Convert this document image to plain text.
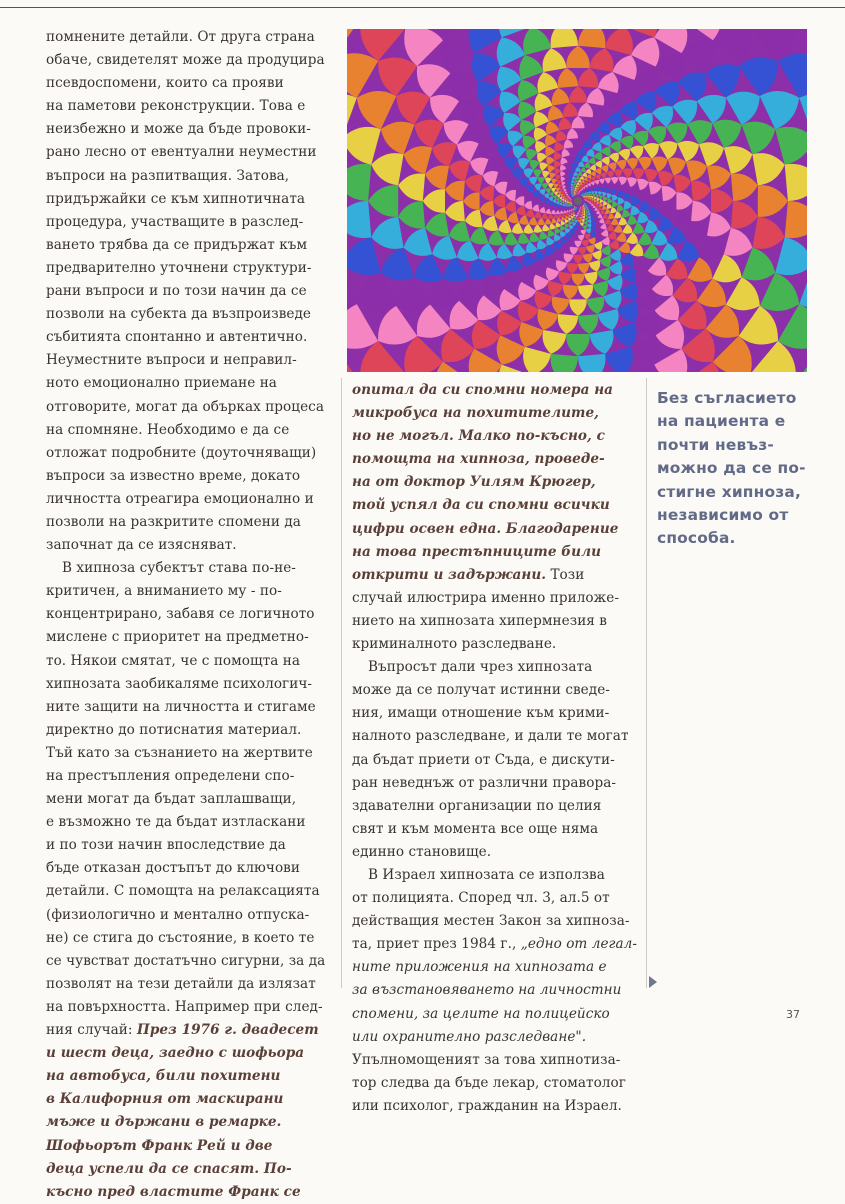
помнените детайли. От друга страна
обаче, свидетелят може да продуцира
псевдоспомени, които са прояви
на паметови реконструкции. Това е
неизбежно и може да бъде провоки-
рано лесно от евентуални неуместни
въпроси на разпитващия. Затова,
придържайки се към хипнотичната
процедура, участващите в разслед-
ването трябва да се придържат към
предварително уточнени структури-
рани въпроси и по този начин да се
позволи на субекта да възпроизведе
събитията спонтанно и автентично.
Неуместните въпроси и неправил-
ното емоционално приемане на
отговорите, могат да обърках процеса
на спомняне. Необходимо е да се
отложат подробните (доуточняващи)
въпроси за известно време, докато
личността отреагира емоционално и
позволи на разкритите спомени да
започнат да се изясняват.
В хипноза субектът става по-не-
критичен, а вниманието му - по-
концентрирано, забавя се логичното
мислене с приоритет на предметно-
то. Някои смятат, че с помощта на
хипнозата заобикаляме психологич-
ните защити на личността и стигаме
директно до потиснатия материал.
Тъй като за съзнанието на жертвите
на престъпления определени спо-
мени могат да бъдат заплашващи,
е възможно те да бъдат изтласкани
и по този начин впоследствие да
бъде отказан достъпът до ключови
детайли. С помощта на релаксацията
(физиологично и ментално отпуска-
не) се стига до състояние, в което те
се чувстват достатъчно сигурни, за да
позволят на тези детайли да излязат
на повърхността. Например при след-
ния случай: През 1976 г. двадесет
и шест деца, заедно с шофьора
на автобуса, били похитени
в Калифорния от маскирани
мъже и държани в ремарке.
Шофьорът Франк Рей и две
деца успели да се спасят. По-
късно пред властите Франк се
опитал да си спомни номера на
микробуса на похитителите,
но не могъл. Малко по-късно, с
помощта на хипноза, проведе-
на от доктор Уилям Крюгер,
той успял да си спомни всички
цифри освен една. Благодарение
на това престъпниците били
открити и задържани. Този
случай илюстрира именно приложе-
нието на хипнозата хипермнезия в
криминалното разследване.
Въпросът дали чрез хипнозата
може да се получат истинни сведе-
ния, имащи отношение към крими-
налното разследване, и дали те могат
да бъдат приети от Съда, е дискути-
ран неведнъж от различни правора-
здавателни организации по целия
свят и към момента все още няма
единно становище.
В Израел хипнозата се използва
от полицията. Според чл. 3, ал.5 от
действащия местен Закон за хипноза-
та, приет през 1984 г., „едно от легал-
ните приложения на хипнозата е
за възстановяването на личностни
спомени, за целите на полицейско
или охранително разследване".
Упълномощеният за това хипнотиза-
тор следва да бъде лекар, стоматолог
или психолог, гражданин на Израел.
Без съгласието
на пациента е
почти невъз-
можно да се по-
стигне хипноза,
независимо от
способа.
37
